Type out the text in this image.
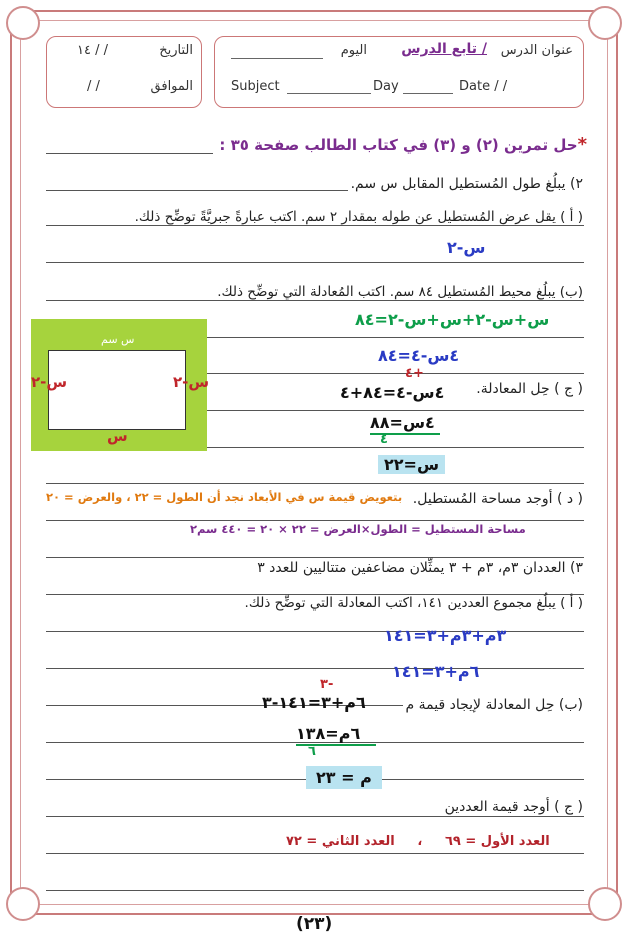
التاريخ
/ / ١٤
الموافق
/ /
عنوان الدرس
تابع الدرس /
اليوم
Subject	Day	Date / /
*حل تمرين (٢) و (٣) في كتاب الطالب صفحة ٣٥ :
٢) يبلُغ طول المُستطيل المقابل س سم.
( أ ) يقل عرض المُستطيل عن طوله بمقدار ٢ سم. اكتب عبارةً جبريَّةً توضِّح ذلك.
س-٢
(ب) يبلُغ محيط المُستطيل ٨٤ سم. اكتب المُعادلة التي توضِّح ذلك.
س+س-٢+س+س-٢=٨٤
٤س-٤=٨٤
س سم
س-٢
س-٢
س
( ج ) حِل المعادلة.
+٤
٤س-٤=٨٤+٤
٤س=٨٨
٤
س=٢٢
( د ) أوجد مساحة المُستطيل.
بتعويض قيمة س في الأبعاد نجد أن الطول = ٢٢ ، والعرض = ٢٠
مساحة المستطيل = الطول×العرض = ٢٢ × ٢٠ = ٤٤٠ سم٢
٣) العددان ٣م، ٣م + ٣ يمثِّلان مضاعفين متتاليين للعدد ٣
( أ ) يبلُغ مجموع العددين ١٤١، اكتب المعادلة التي توضِّح ذلك.
٣م+٣م+٣=١٤١
٦م+٣=١٤١
(ب) حِل المعادلة لإيجاد قيمة م
-٣
٦م+٣=١٤١-٣
٦م=١٣٨
٦
م = ٢٣
( ج ) أوجد قيمة العددين
العدد الأول = ٦٩     ،     العدد الثاني = ٧٢
(٢٣)
